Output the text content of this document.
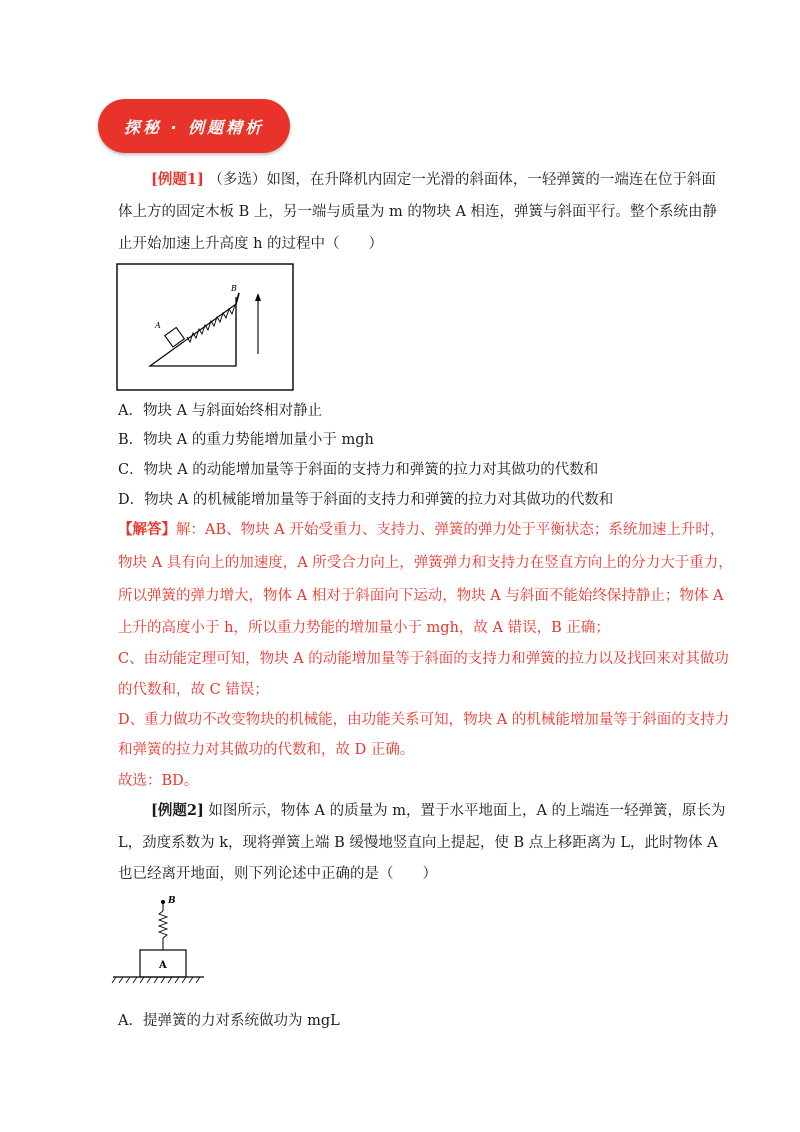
探秘 · 例题精析
[例题1] （多选）如图，在升降机内固定一光滑的斜面体，一轻弹簧的一端连在位于斜面
体上方的固定木板 B 上，另一端与质量为 m 的物块 A 相连，弹簧与斜面平行。整个系统由静
止开始加速上升高度 h 的过程中（　　）
A
B
A．物块 A 与斜面始终相对静止
B．物块 A 的重力势能增加量小于 mgh
C．物块 A 的动能增加量等于斜面的支持力和弹簧的拉力对其做功的代数和
D．物块 A 的机械能增加量等于斜面的支持力和弹簧的拉力对其做功的代数和
【解答】解：AB、物块 A 开始受重力、支持力、弹簧的弹力处于平衡状态；系统加速上升时，
物块 A 具有向上的加速度，A 所受合力向上，弹簧弹力和支持力在竖直方向上的分力大于重力，
所以弹簧的弹力增大，物体 A 相对于斜面向下运动，物块 A 与斜面不能始终保持静止；物体 A
上升的高度小于 h，所以重力势能的增加量小于 mgh，故 A 错误，B 正确；
C、由动能定理可知，物块 A 的动能增加量等于斜面的支持力和弹簧的拉力以及找回来对其做功
的代数和，故 C 错误；
D、重力做功不改变物块的机械能，由功能关系可知，物块 A 的机械能增加量等于斜面的支持力
和弹簧的拉力对其做功的代数和，故 D 正确。
故选：BD。
[例题2] 如图所示，物体 A 的质量为 m，置于水平地面上，A 的上端连一轻弹簧，原长为
L，劲度系数为 k，现将弹簧上端 B 缓慢地竖直向上提起，使 B 点上移距离为 L，此时物体 A
也已经离开地面，则下列论述中正确的是（　　）
B
A
A．提弹簧的力对系统做功为 mgL
